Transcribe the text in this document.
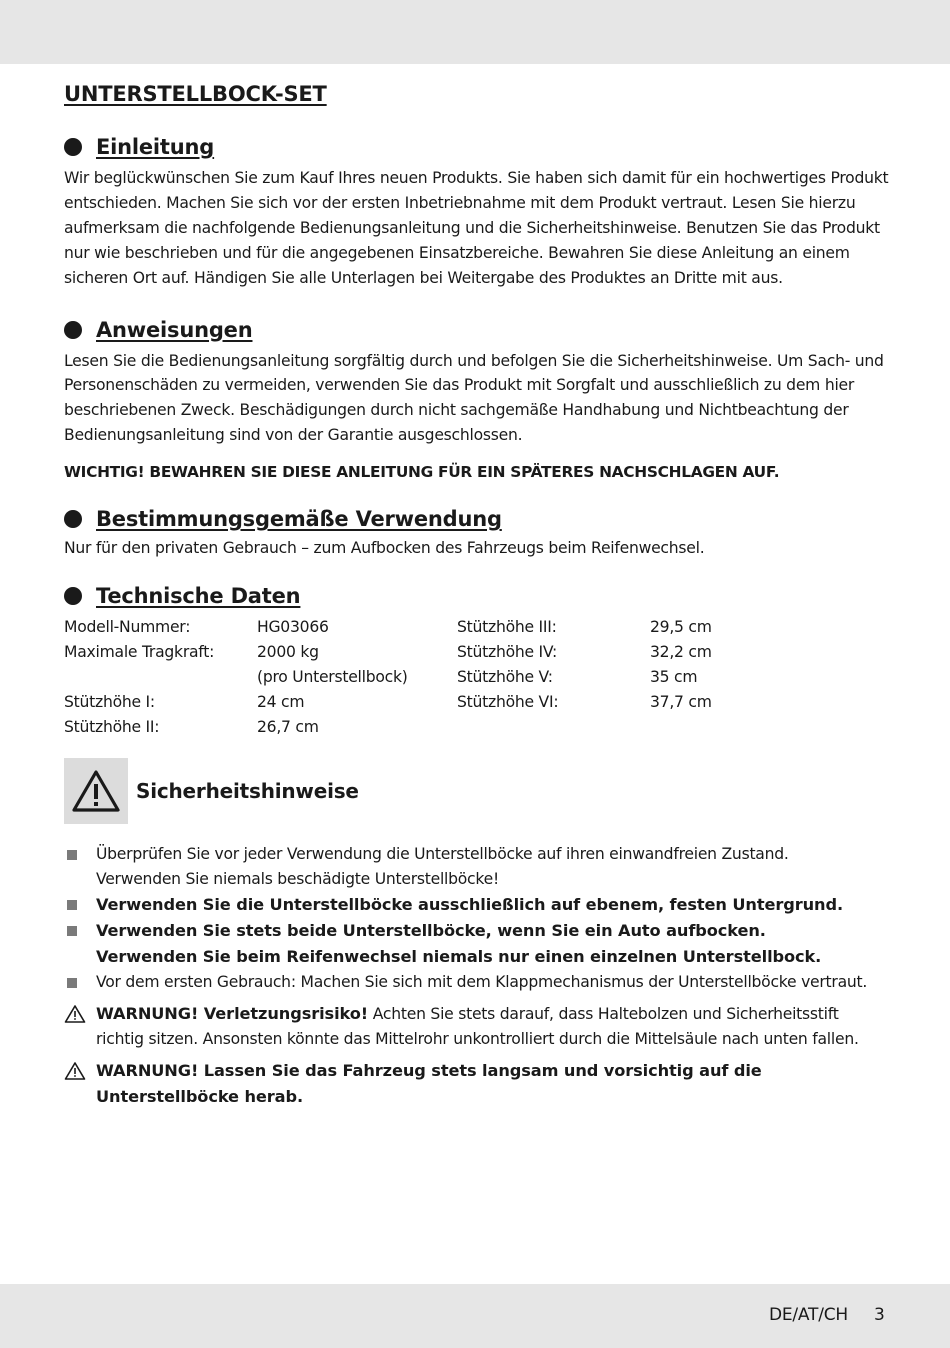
UNTERSTELLBOCK-SET
Einleitung

Wir beglückwünschen Sie zum Kauf Ihres neuen Produkts. Sie haben sich damit für ein hochwertiges Produkt entschieden. Machen Sie sich vor der ersten Inbetriebnahme mit dem Produkt vertraut. Lesen Sie hierzu aufmerksam die nachfolgende Bedienungsanleitung und die Sicherheitshinweise. Benutzen Sie das Produkt nur wie beschrieben und für die angegebenen Einsatzbereiche. Bewahren Sie diese Anleitung an einem sicheren Ort auf. Händigen Sie alle Unterlagen bei Weitergabe des Produktes an Dritte mit aus.

Anweisungen

Lesen Sie die Bedienungsanleitung sorgfältig durch und befolgen Sie die Sicherheitshinweise. Um Sach- und Personenschäden zu vermeiden, verwenden Sie das Produkt mit Sorgfalt und ausschließlich zu dem hier beschriebenen Zweck. Beschädigungen durch nicht sachgemäße Handhabung und Nichtbeachtung der Bedienungsanleitung sind von der Garantie ausgeschlossen.

WICHTIG! BEWAHREN SIE DIESE ANLEITUNG FÜR EIN SPÄTERES NACHSCHLAGEN AUF.

Bestimmungsgemäße Verwendung

Nur für den privaten Gebrauch – zum Aufbocken des Fahrzeugs beim Reifenwechsel.

Technische Daten
Modell-Nummer:	HG03066	Stützhöhe III:	29,5 cm
Maximale Tragkraft:	2000 kg	Stützhöhe IV:	32,2 cm
	(pro Unterstellbock)	Stützhöhe V:	35 cm
Stützhöhe I:	24 cm	Stützhöhe VI:	37,7 cm
Stützhöhe II:	26,7 cm		
Sicherheitshinweise
Überprüfen Sie vor jeder Verwendung die Unterstellböcke auf ihren einwandfreien Zustand.
Verwenden Sie niemals beschädigte Unterstellböcke!
Verwenden Sie die Unterstellböcke ausschließlich auf ebenem, festen Untergrund.
Verwenden Sie stets beide Unterstellböcke, wenn Sie ein Auto aufbocken.
Verwenden Sie beim Reifenwechsel niemals nur einen einzelnen Unterstellbock.
Vor dem ersten Gebrauch: Machen Sie sich mit dem Klappmechanismus der Unterstellböcke vertraut.
WARNUNG! Verletzungsrisiko! Achten Sie stets darauf, dass Haltebolzen und Sicherheitsstift
richtig sitzen. Ansonsten könnte das Mittelrohr unkontrolliert durch die Mittelsäule nach unten fallen.
WARNUNG! Lassen Sie das Fahrzeug stets langsam und vorsichtig auf die
Unterstellböcke herab.
DE/AT/CH 3
